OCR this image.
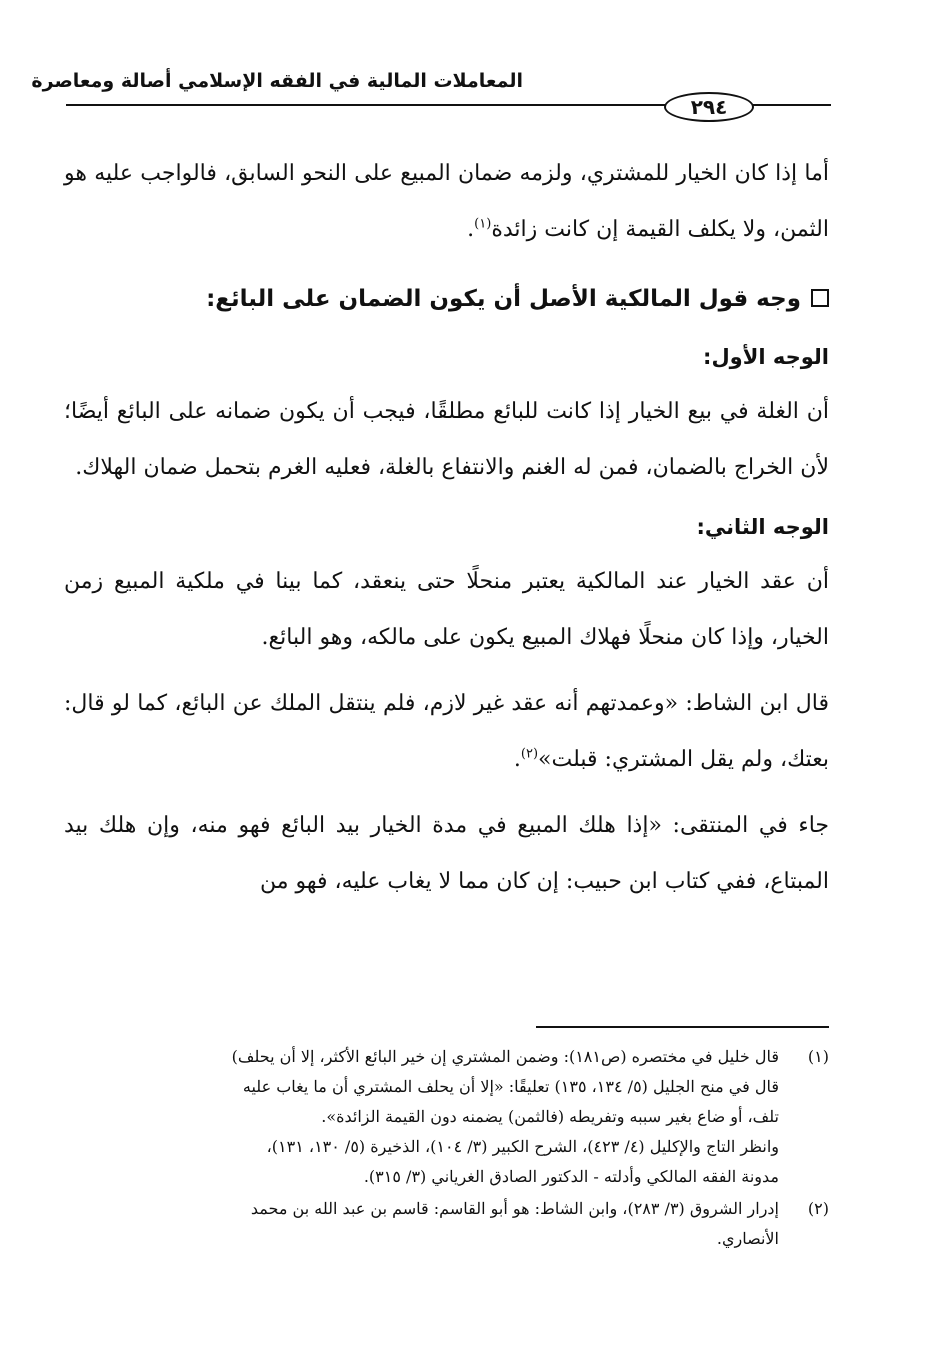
المعاملات المالية في الفقه الإسلامي أصالة ومعاصرة
٢٩٤

أما إذا كان الخيار للمشتري، ولزمه ضمان المبيع على النحو السابق، فالواجب عليه هو الثمن، ولا يكلف القيمة إن كانت زائدة$^{(١)}$.

وجه قول المالكية الأصل أن يكون الضمان على البائع:
الوجه الأول:

أن الغلة في بيع الخيار إذا كانت للبائع مطلقًا، فيجب أن يكون ضمانه على البائع أيضًا؛ لأن الخراج بالضمان، فمن له الغنم والانتفاع بالغلة، فعليه الغرم بتحمل ضمان الهلاك.

الوجه الثاني:

أن عقد الخيار عند المالكية يعتبر منحلًا حتى ينعقد، كما بينا في ملكية المبيع زمن الخيار، وإذا كان منحلًا فهلاك المبيع يكون على مالكه، وهو البائع.

قال ابن الشاط: «وعمدتهم أنه عقد غير لازم، فلم ينتقل الملك عن البائع، كما لو قال: بعتك، ولم يقل المشتري: قبلت»$^{(٢)}$.

جاء في المنتقى: «إذا هلك المبيع في مدة الخيار بيد البائع فهو منه، وإن هلك بيد المبتاع، ففي كتاب ابن حبيب: إن كان مما لا يغاب عليه، فهو من

(١)
قال خليل في مختصره (ص١٨١): وضمن المشتري إن خير البائع الأكثر، إلا أن يحلف)
قال في منح الجليل (٥/ ١٣٤، ١٣٥) تعليقًا: «إلا أن يحلف المشتري أن ما يغاب عليه
تلف، أو ضاع بغير سببه وتفريطه (فالثمن) يضمنه دون القيمة الزائدة».
وانظر التاج والإكليل (٤/ ٤٢٣)، الشرح الكبير (٣/ ١٠٤)، الذخيرة (٥/ ١٣٠، ١٣١)،
مدونة الفقه المالكي وأدلته - الدكتور الصادق الغرياني (٣/ ٣١٥).
(٢)
إدرار الشروق (٣/ ٢٨٣)، وابن الشاط: هو أبو القاسم: قاسم بن عبد الله بن محمد
الأنصاري.
